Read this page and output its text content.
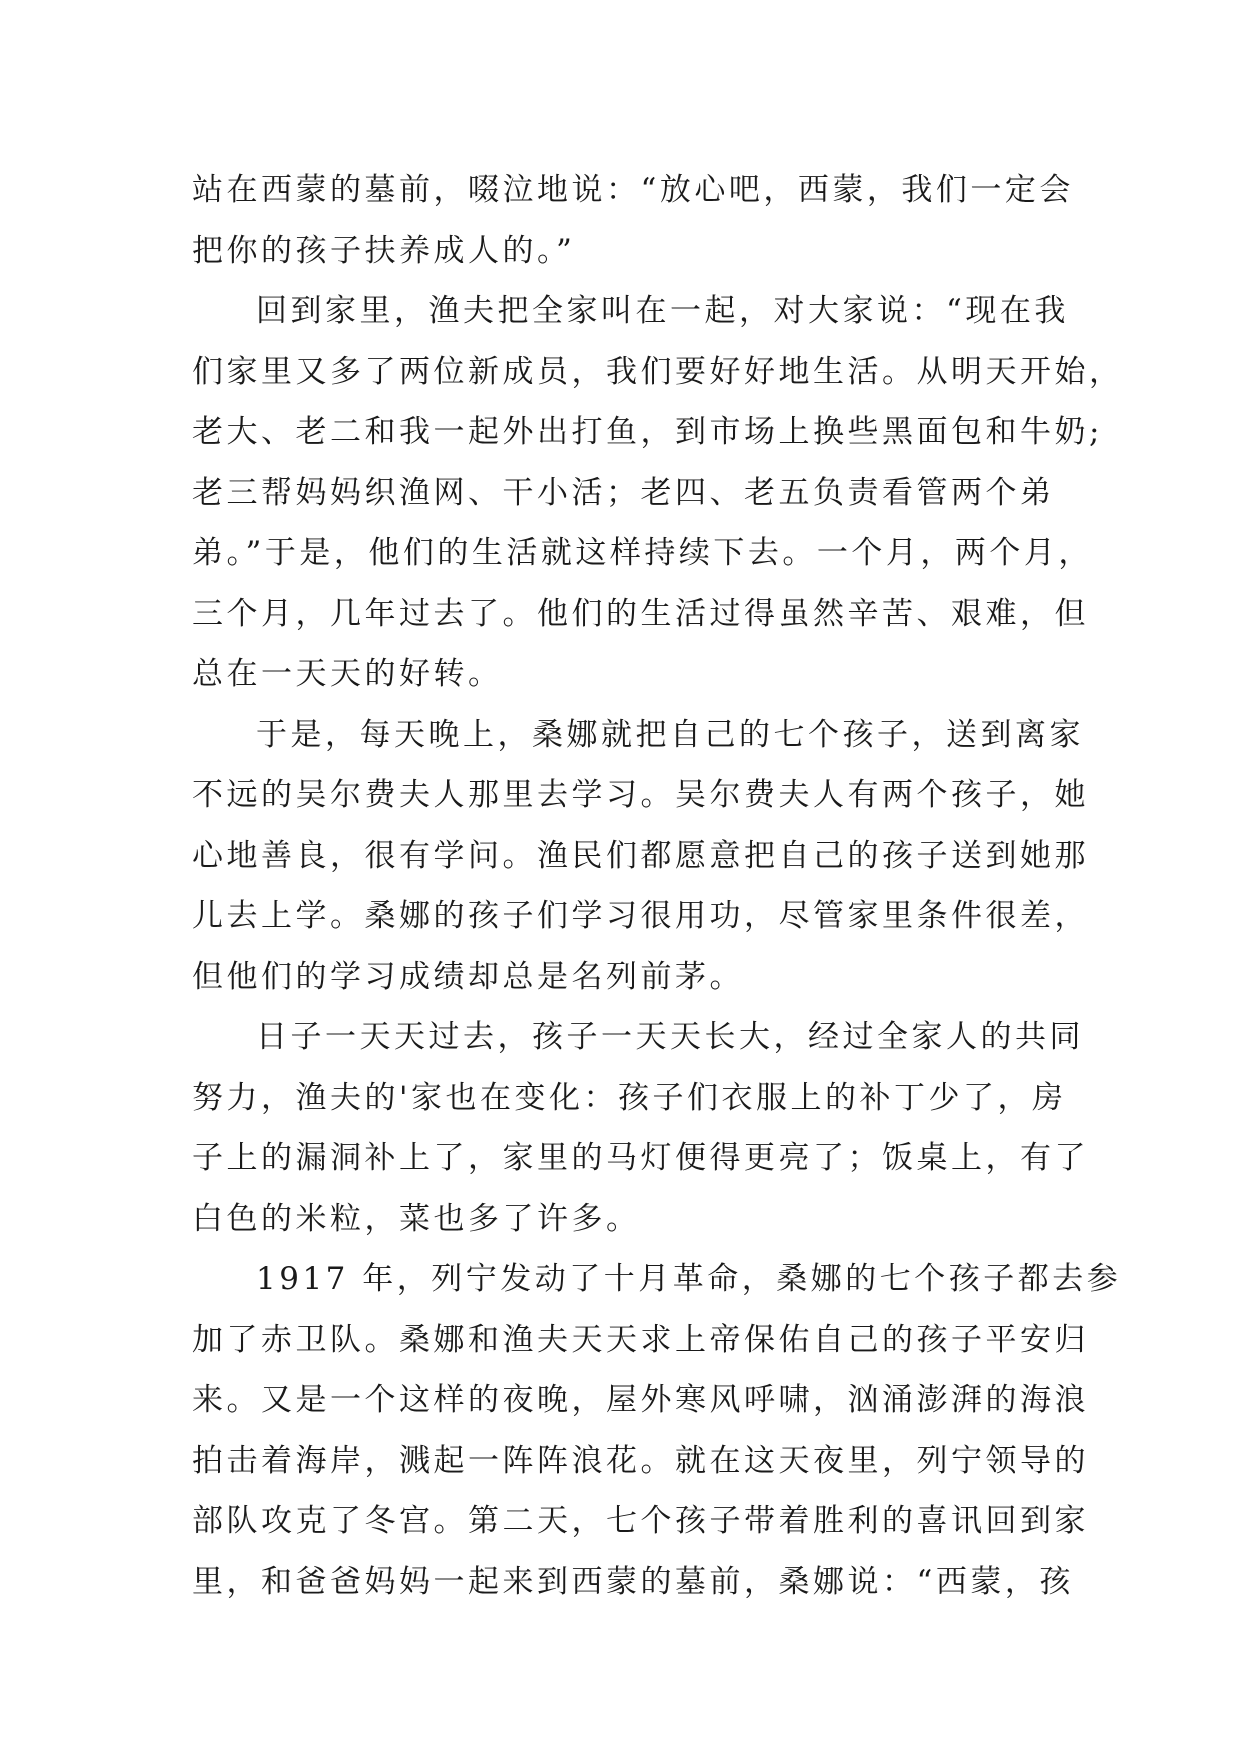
站在西蒙的墓前，啜泣地说：“放心吧，西蒙，我们一定会
把你的孩子扶养成人的。”
回到家里，渔夫把全家叫在一起，对大家说：“现在我
们家里又多了两位新成员，我们要好好地生活。从明天开始，
老大、老二和我一起外出打鱼，到市场上换些黑面包和牛奶;
老三帮妈妈织渔网、干小活；老四、老五负责看管两个弟
弟。”于是，他们的生活就这样持续下去。一个月，两个月，
三个月，几年过去了。他们的生活过得虽然辛苦、艰难，但
总在一天天的好转。
于是，每天晚上，桑娜就把自己的七个孩子，送到离家
不远的吴尔费夫人那里去学习。吴尔费夫人有两个孩子，她
心地善良，很有学问。渔民们都愿意把自己的孩子送到她那
儿去上学。桑娜的孩子们学习很用功，尽管家里条件很差，
但他们的学习成绩却总是名列前茅。
日子一天天过去，孩子一天天长大，经过全家人的共同
努力，渔夫的'家也在变化：孩子们衣服上的补丁少了，房
子上的漏洞补上了，家里的马灯便得更亮了；饭桌上，有了
白色的米粒，菜也多了许多。
1917 年，列宁发动了十月革命，桑娜的七个孩子都去参
加了赤卫队。桑娜和渔夫天天求上帝保佑自己的孩子平安归
来。又是一个这样的夜晚，屋外寒风呼啸，汹涌澎湃的海浪
拍击着海岸，溅起一阵阵浪花。就在这天夜里，列宁领导的
部队攻克了冬宫。第二天，七个孩子带着胜利的喜讯回到家
里，和爸爸妈妈一起来到西蒙的墓前，桑娜说：“西蒙，孩
